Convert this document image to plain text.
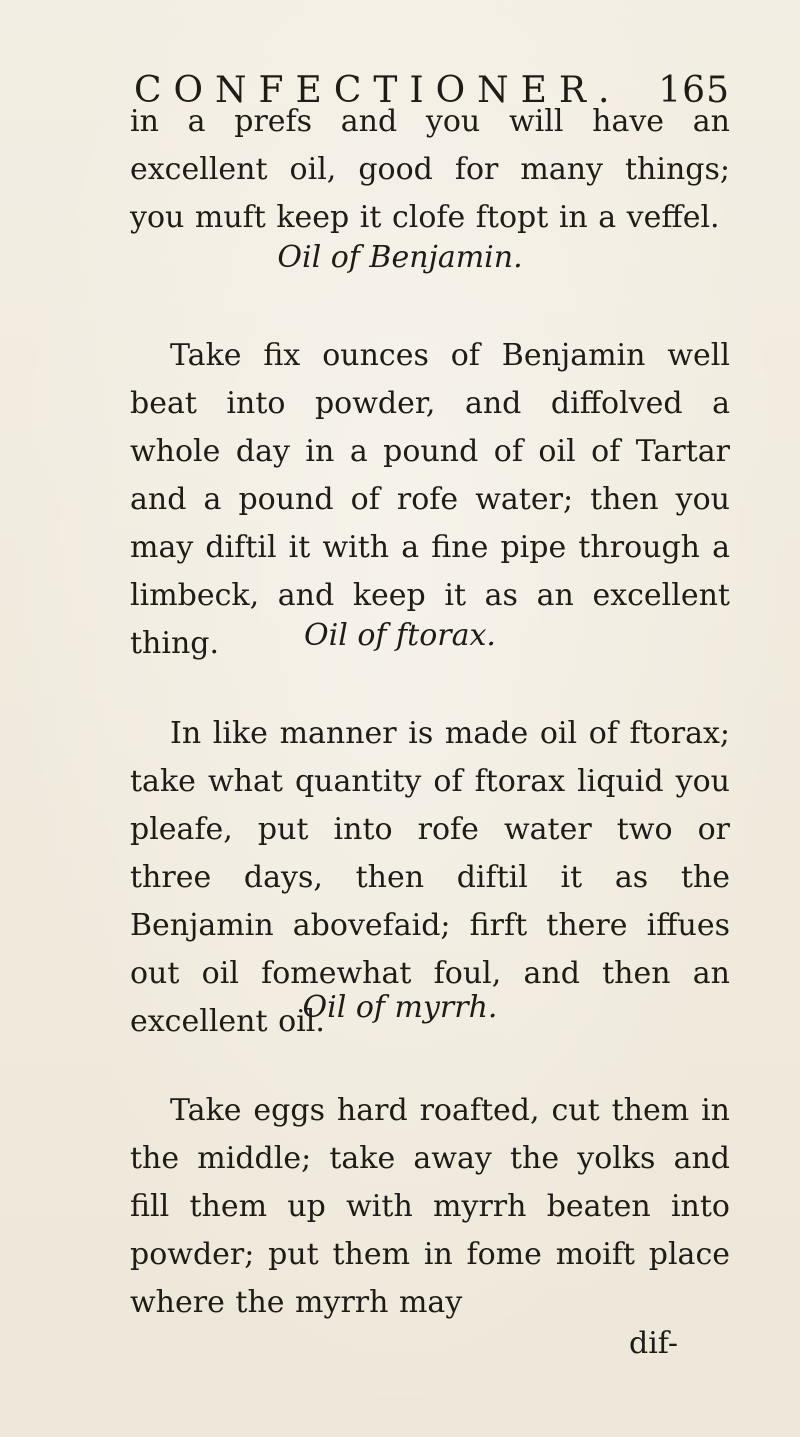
CONFECTIONER. 165
in a prefs and you will have an excellent oil, good for many things; you muft keep it clofe ftopt in a veffel.
Oil of Benjamin.
Take fix ounces of Benjamin well beat into powder, and diffolved a whole day in a pound of oil of Tartar and a pound of rofe water; then you may diftil it with a fine pipe through a limbeck, and keep it as an excellent thing.	Oil of ftorax.
In like manner is made oil of ftorax; take what quantity of ftorax liquid you pleafe, put into rofe water two or three days, then diftil it as the Benjamin abovefaid; firft there iffues out oil fomewhat foul, and then an excellent oil.
Oil of myrrh.
Take eggs hard roafted, cut them in the middle; take away the yolks and fill them up with myrrh beaten into powder; put them in fome moift place where the myrrh may
dif-
